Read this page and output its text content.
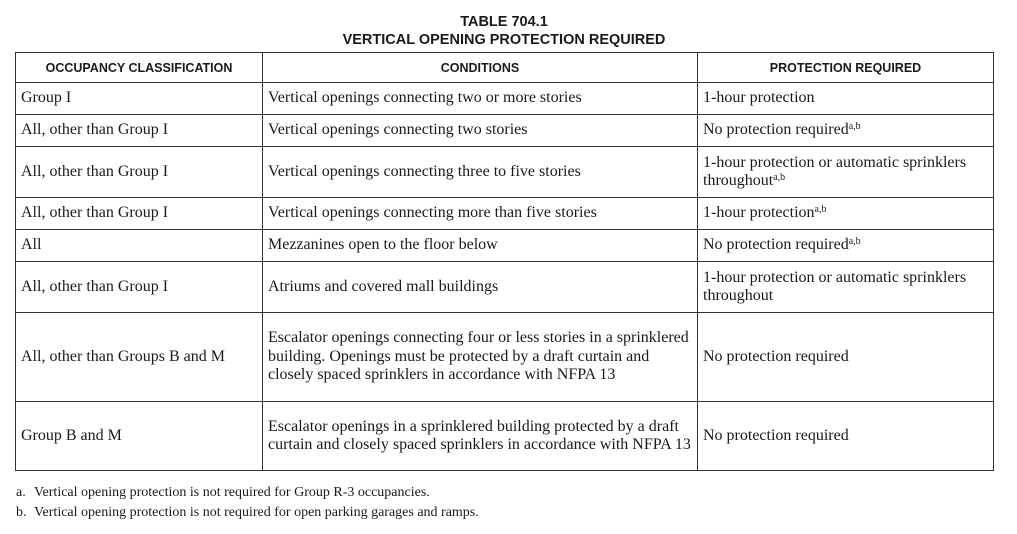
TABLE 704.1
VERTICAL OPENING PROTECTION REQUIRED
OCCUPANCY CLASSIFICATION	CONDITIONS	PROTECTION REQUIRED
Group I	Vertical openings connecting two or more stories	1-hour protection
All, other than Group I	Vertical openings connecting two stories	No protection required$^{a,b}$
All, other than Group I	Vertical openings connecting three to five stories	1-hour protection or automatic sprinklers throughout$^{a,b}$
All, other than Group I	Vertical openings connecting more than five stories	1-hour protection$^{a,b}$
All	Mezzanines open to the floor below	No protection required$^{a,b}$
All, other than Group I	Atriums and covered mall buildings	1-hour protection or automatic sprinklers throughout
All, other than Groups B and M	Escalator openings connecting four or less stories in a sprinklered building. Openings must be protected by a draft curtain and closely spaced sprinklers in accordance with NFPA 13	No protection required
Group B and M	Escalator openings in a sprinklered building protected by a draft curtain and closely spaced sprinklers in accordance with NFPA 13	No protection required
a. Vertical opening protection is not required for Group R-3 occupancies.
b. Vertical opening protection is not required for open parking garages and ramps.
